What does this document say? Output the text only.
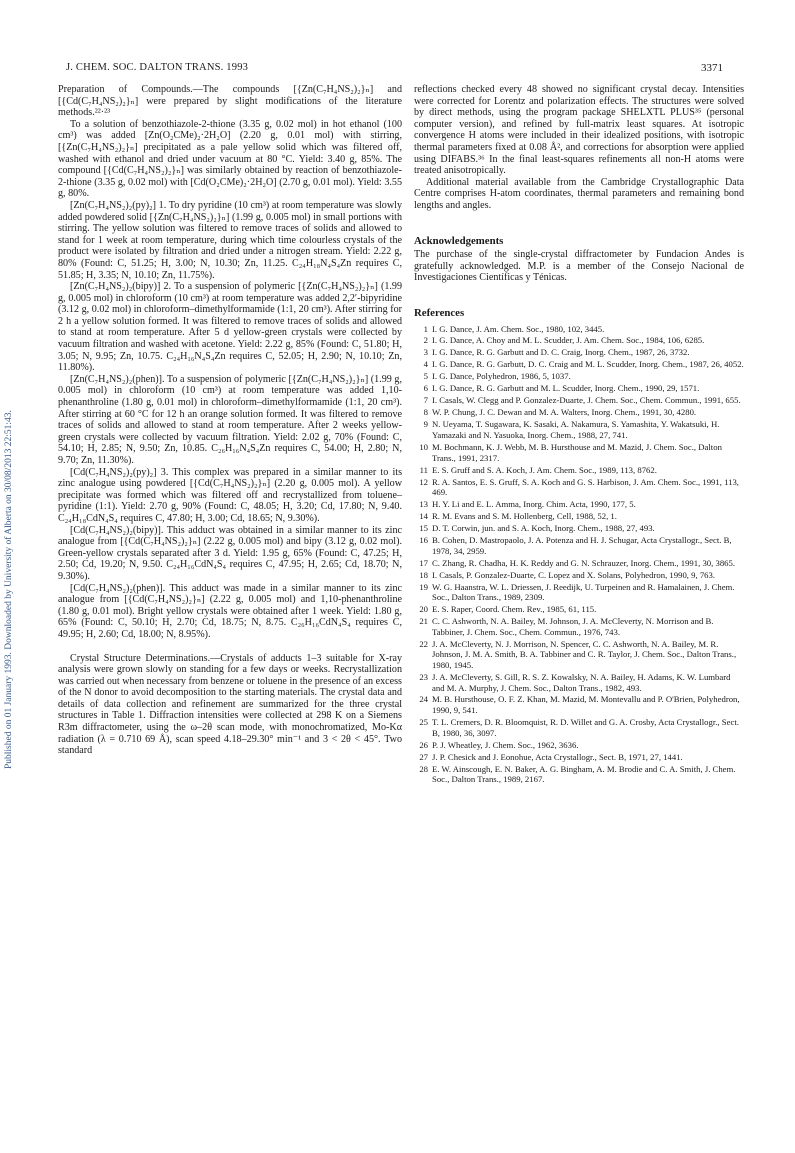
J. CHEM. SOC. DALTON TRANS. 1993	3371
Published on 01 January 1993. Downloaded by University of Alberta on 30/08/2013 22:51:43.

Preparation of Compounds.—The compounds [{Zn(C₇H₄NS₂)₂}ₙ] and [{Cd(C₇H₄NS₂)₂}ₙ] were prepared by slight modifications of the literature methods.²²·²³

To a solution of benzothiazole-2-thione (3.35 g, 0.02 mol) in hot ethanol (100 cm³) was added [Zn(O₂CMe)₂·2H₂O] (2.20 g, 0.01 mol) with stirring, [{Zn(C₇H₄NS₂)₂}ₙ] precipitated as a pale yellow solid which was filtered off, washed with ethanol and dried under vacuum at 80 °C. Yield: 3.40 g, 85%. The compound [{Cd(C₇H₄NS₂)₂}ₙ] was similarly obtained by reaction of benzothiazole-2-thione (3.35 g, 0.02 mol) with [Cd(O₂CMe)₂·2H₂O] (2.70 g, 0.01 mol). Yield: 3.55 g, 80%.

[Zn(C₇H₄NS₂)₂(py)₂] 1. To dry pyridine (10 cm³) at room temperature was slowly added powdered solid [{Zn(C₇H₄NS₂)₂}ₙ] (1.99 g, 0.005 mol) in small portions with stirring. The yellow solution was filtered to remove traces of solids and allowed to stand for 1 week at room temperature, during which time colourless crystals of the product were isolated by filtration and dried under a nitrogen stream. Yield: 2.22 g, 80% (Found: C, 51.25; H, 3.00; N, 10.30; Zn, 11.25. C₂₄H₁₈N₄S₄Zn requires C, 51.85; H, 3.35; N, 10.10; Zn, 11.75%).

[Zn(C₇H₄NS₂)₂(bipy)] 2. To a suspension of polymeric [{Zn(C₇H₄NS₂)₂}ₙ] (1.99 g, 0.005 mol) in chloroform (10 cm³) at room temperature was added 2,2′-bipyridine (3.12 g, 0.02 mol) in chloroform–dimethylformamide (1:1, 20 cm³). After stirring for 2 h a yellow solution formed. It was filtered to remove traces of solids and allowed to stand at room temperature. After 5 d yellow-green crystals were collected by vacuum filtration and washed with acetone. Yield: 2.22 g, 85% (Found: C, 51.80; H, 3.05; N, 9.95; Zn, 10.75. C₂₄H₁₆N₄S₄Zn requires C, 52.05; H, 2.90; N, 10.10; Zn, 11.80%).

[Zn(C₇H₄NS₂)₂(phen)]. To a suspension of polymeric [{Zn(C₇H₄NS₂)₂}ₙ] (1.99 g, 0.005 mol) in chloroform (10 cm³) at room temperature was added 1,10-phenanthroline (1.80 g, 0.01 mol) in chloroform–dimethylformamide (1:1, 20 cm³). After stirring at 60 °C for 12 h an orange solution formed. It was filtered to remove traces of solids and allowed to stand at room temperature. After 2 weeks yellow-green crystals were collected by vacuum filtration. Yield: 2.02 g, 70% (Found: C, 54.10; H, 2.85; N, 9.50; Zn, 10.85. C₂₆H₁₆N₄S₄Zn requires C, 54.00; H, 2.80; N, 9.70; Zn, 11.30%).

[Cd(C₇H₄NS₂)₂(py)₂] 3. This complex was prepared in a similar manner to its zinc analogue using powdered [{Cd(C₇H₄NS₂)₂}ₙ] (2.20 g, 0.005 mol). A yellow precipitate was formed which was filtered off and recrystallized from toluene–pyridine (1:1). Yield: 2.70 g, 90% (Found: C, 48.05; H, 3.20; Cd, 17.80; N, 9.40. C₂₄H₁₈CdN₄S₄ requires C, 47.80; H, 3.00; Cd, 18.65; N, 9.30%).

[Cd(C₇H₄NS₂)₂(bipy)]. This adduct was obtained in a similar manner to its zinc analogue from [{Cd(C₇H₄NS₂)₂}ₙ] (2.22 g, 0.005 mol) and bipy (3.12 g, 0.02 mol). Green-yellow crystals separated after 3 d. Yield: 1.95 g, 65% (Found: C, 47.25; H, 2.50; Cd, 19.20; N, 9.50. C₂₄H₁₆CdN₄S₄ requires C, 47.95; H, 2.65; Cd, 18.70; N, 9.30%).

[Cd(C₇H₄NS₂)₂(phen)]. This adduct was made in a similar manner to its zinc analogue from [{Cd(C₇H₄NS₂)₂}ₙ] (2.22 g, 0.005 mol) and 1,10-phenanthroline (1.80 g, 0.01 mol). Bright yellow crystals were obtained after 1 week. Yield: 1.80 g, 65% (Found: C, 50.10; H, 2.70; Cd, 18.75; N, 8.75. C₂₆H₁₆CdN₄S₄ requires C, 49.95; H, 2.60; Cd, 18.00; N, 8.95%).

Crystal Structure Determinations.—Crystals of adducts 1–3 suitable for X-ray analysis were grown slowly on standing for a few days or weeks. Recrystallization was carried out when necessary from benzene or toluene in the presence of an excess of the N donor to avoid decomposition to the starting materials. The crystal data and details of data collection and refinement are summarized for the three crystal structures in Table 1. Diffraction intensities were collected at 298 K on a Siemens R3m diffractometer, using the ω–2θ scan mode, with monochromatized, Mo-Kα radiation (λ = 0.710 69 Å), scan speed 4.18–29.30° min⁻¹ and 3 < 2θ < 45°. Two standard

reflections checked every 48 showed no significant crystal decay. Intensities were corrected for Lorentz and polarization effects. The structures were solved by direct methods, using the program package SHELXTL PLUS³⁵ (personal computer version), and refined by full-matrix least squares. At isotropic convergence H atoms were included in their idealized positions, with isotropic thermal parameters fixed at 0.08 Å², and corrections for absorption were applied using DIFABS.³⁶ In the final least-squares refinements all non-H atoms were treated anisotropically.

Additional material available from the Cambridge Crystallographic Data Centre comprises H-atom coordinates, thermal parameters and remaining bond lengths and angles.

Acknowledgements

The purchase of the single-crystal diffractometer by Fundacion Andes is gratefully acknowledged. M.P. is a member of the Consejo Nacional de Investigaciones Científicas y Ténicas.

References
1 I. G. Dance, J. Am. Chem. Soc., 1980, 102, 3445.
2 I. G. Dance, A. Choy and M. L. Scudder, J. Am. Chem. Soc., 1984, 106, 6285.
3 I. G. Dance, R. G. Garbutt and D. C. Craig, Inorg. Chem., 1987, 26, 3732.
4 I. G. Dance, R. G. Garbutt, D. C. Craig and M. L. Scudder, Inorg. Chem., 1987, 26, 4052.
5 I. G. Dance, Polyhedron, 1986, 5, 1037.
6 I. G. Dance, R. G. Garbutt and M. L. Scudder, Inorg. Chem., 1990, 29, 1571.
7 I. Casals, W. Clegg and P. Gonzalez-Duarte, J. Chem. Soc., Chem. Commun., 1991, 655.
8 W. P. Chung, J. C. Dewan and M. A. Walters, Inorg. Chem., 1991, 30, 4280.
9 N. Ueyama, T. Sugawara, K. Sasaki, A. Nakamura, S. Yamashita, Y. Wakatsuki, H. Yamazaki and N. Yasuoka, Inorg. Chem., 1988, 27, 741.
10 M. Bochmann, K. J. Webb, M. B. Hursthouse and M. Mazid, J. Chem. Soc., Dalton Trans., 1991, 2317.
11 E. S. Gruff and S. A. Koch, J. Am. Chem. Soc., 1989, 113, 8762.
12 R. A. Santos, E. S. Gruff, S. A. Koch and G. S. Harbison, J. Am. Chem. Soc., 1991, 113, 469.
13 H. Y. Li and E. L. Amma, Inorg. Chim. Acta, 1990, 177, 5.
14 R. M. Evans and S. M. Hollenberg, Cell, 1988, 52, 1.
15 D. T. Corwin, jun. and S. A. Koch, Inorg. Chem., 1988, 27, 493.
16 B. Cohen, D. Mastropaolo, J. A. Potenza and H. J. Schugar, Acta Crystallogr., Sect. B, 1978, 34, 2959.
17 C. Zhang, R. Chadha, H. K. Reddy and G. N. Schrauzer, Inorg. Chem., 1991, 30, 3865.
18 I. Casals, P. Gonzalez-Duarte, C. Lopez and X. Solans, Polyhedron, 1990, 9, 763.
19 W. G. Haanstra, W. L. Driessen, J. Reedijk, U. Turpeinen and R. Hamalainen, J. Chem. Soc., Dalton Trans., 1989, 2309.
20 E. S. Raper, Coord. Chem. Rev., 1985, 61, 115.
21 C. C. Ashworth, N. A. Bailey, M. Johnson, J. A. McCleverty, N. Morrison and B. Tabbiner, J. Chem. Soc., Chem. Commun., 1976, 743.
22 J. A. McCleverty, N. J. Morrison, N. Spencer, C. C. Ashworth, N. A. Bailey, M. R. Johnson, J. M. A. Smith, B. A. Tabbiner and C. R. Taylor, J. Chem. Soc., Dalton Trans., 1980, 1945.
23 J. A. McCleverty, S. Gill, R. S. Z. Kowalsky, N. A. Bailey, H. Adams, K. W. Lumbard and M. A. Murphy, J. Chem. Soc., Dalton Trans., 1982, 493.
24 M. B. Hursthouse, O. F. Z. Khan, M. Mazid, M. Montevallu and P. O'Brien, Polyhedron, 1990, 9, 541.
25 T. L. Cremers, D. R. Bloomquist, R. D. Willet and G. A. Crosby, Acta Crystallogr., Sect. B, 1980, 36, 3097.
26 P. J. Wheatley, J. Chem. Soc., 1962, 3636.
27 J. P. Chesick and J. Eonohue, Acta Crystallogr., Sect. B, 1971, 27, 1441.
28 E. W. Ainscough, E. N. Baker, A. G. Bingham, A. M. Brodie and C. A. Smith, J. Chem. Soc., Dalton Trans., 1989, 2167.
